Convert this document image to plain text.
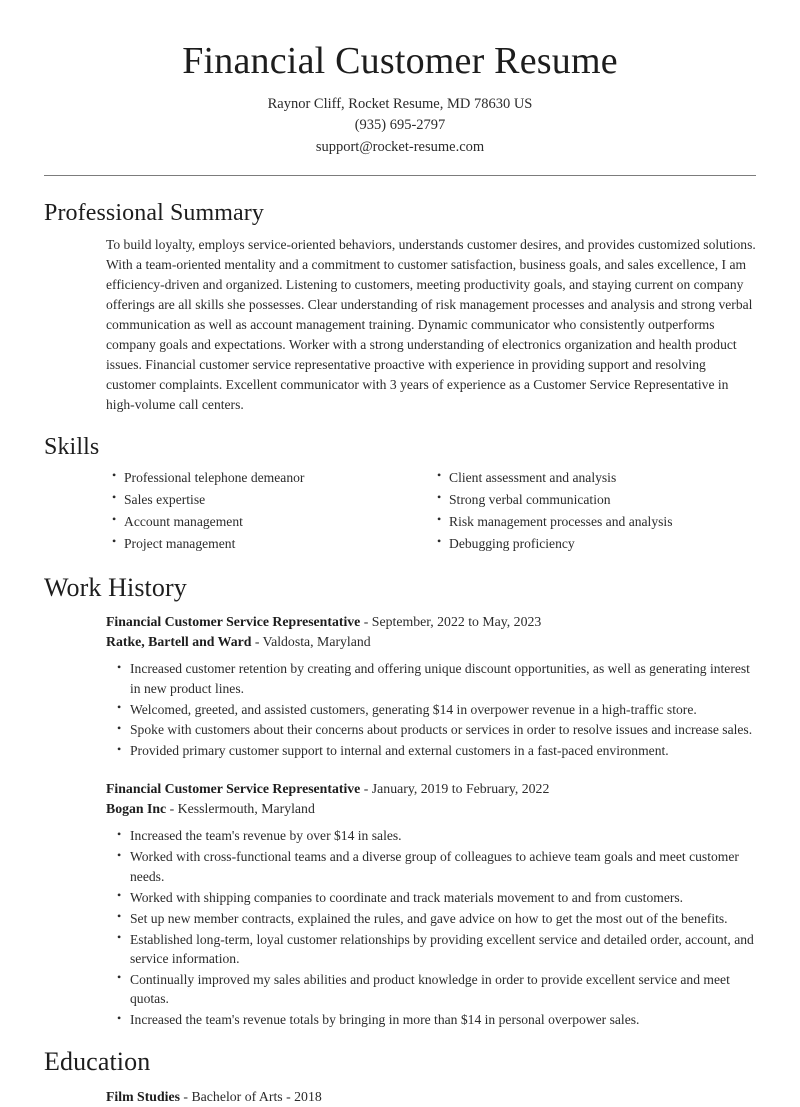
Financial Customer Resume
Raynor Cliff, Rocket Resume, MD 78630 US
(935) 695-2797
support@rocket-resume.com
Professional Summary

To build loyalty, employs service-oriented behaviors, understands customer desires, and provides customized solutions. With a team-oriented mentality and a commitment to customer satisfaction, business goals, and sales excellence, I am efficiency-driven and organized. Listening to customers, meeting productivity goals, and staying current on company offerings are all skills she possesses. Clear understanding of risk management processes and analysis and strong verbal communication as well as account management training. Dynamic communicator who consistently outperforms company goals and expectations. Worker with a strong understanding of electronics organization and health product issues. Financial customer service representative proactive with experience in providing support and resolving customer complaints. Excellent communicator with 3 years of experience as a Customer Service Representative in high-volume call centers.

Skills
• Professional telephone demeanor
• Sales expertise
• Account management
• Project management
• Client assessment and analysis
• Strong verbal communication
• Risk management processes and analysis
• Debugging proficiency
Work History
Financial Customer Service Representative - September, 2022 to May, 2023
Ratke, Bartell and Ward - Valdosta, Maryland
• Increased customer retention by creating and offering unique discount opportunities, as well as generating interest in new product lines.
• Welcomed, greeted, and assisted customers, generating $14 in overpower revenue in a high-traffic store.
• Spoke with customers about their concerns about products or services in order to resolve issues and increase sales.
• Provided primary customer support to internal and external customers in a fast-paced environment.
Financial Customer Service Representative - January, 2019 to February, 2022
Bogan Inc - Kesslermouth, Maryland
• Increased the team's revenue by over $14 in sales.
• Worked with cross-functional teams and a diverse group of colleagues to achieve team goals and meet customer needs.
• Worked with shipping companies to coordinate and track materials movement to and from customers.
• Set up new member contracts, explained the rules, and gave advice on how to get the most out of the benefits.
• Established long-term, loyal customer relationships by providing excellent service and detailed order, account, and service information.
• Continually improved my sales abilities and product knowledge in order to provide excellent service and meet quotas.
• Increased the team's revenue totals by bringing in more than $14 in personal overpower sales.
Education
Film Studies - Bachelor of Arts - 2018
